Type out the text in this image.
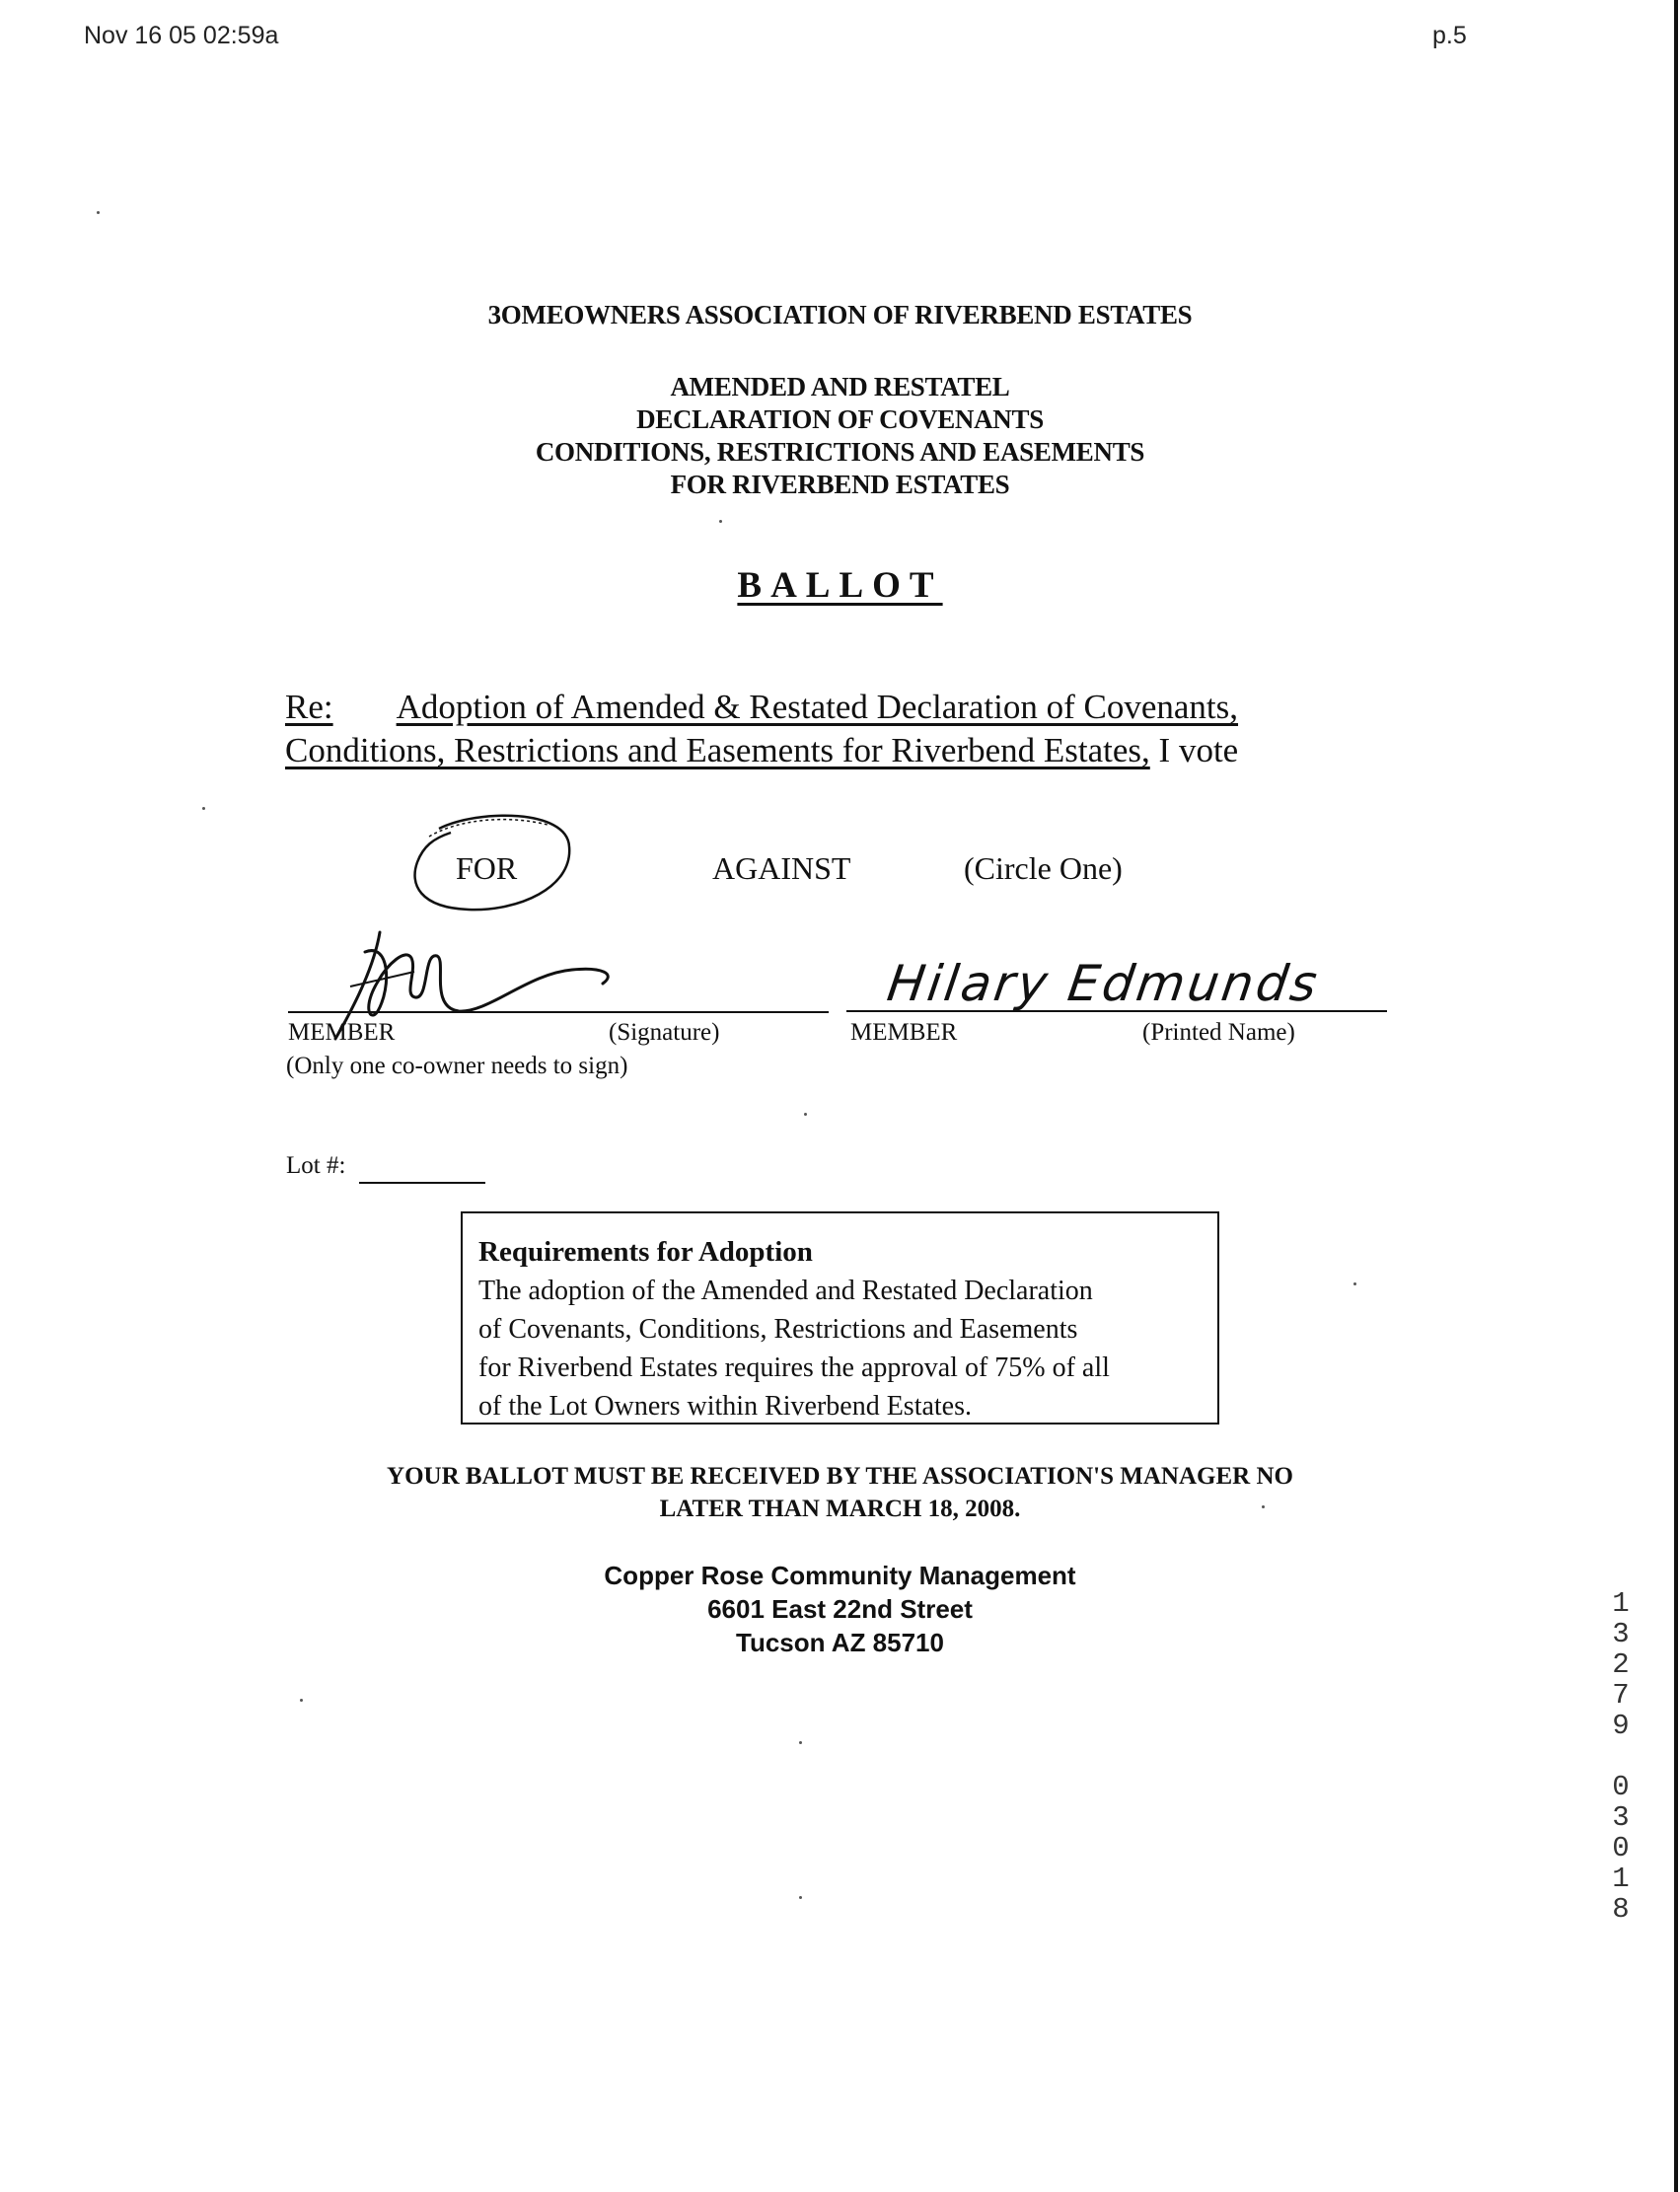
Nov 16 05 02:59a	p.5
3OMEOWNERS ASSOCIATION OF RIVERBEND ESTATES
AMENDED AND RESTATEL
DECLARATION OF COVENANTS
CONDITIONS, RESTRICTIONS AND EASEMENTS
FOR RIVERBEND ESTATES
BALLOT
Re: Adoption of Amended & Restated Declaration of Covenants,
Conditions, Restrictions and Easements for Riverbend Estates, I vote
FOR	AGAINST	(Circle One)
MEMBER	(Signature)
(Only one co-owner needs to sign)
Hilary Edmunds
MEMBER	(Printed Name)
Lot #:
Requirements for Adoption
The adoption of the Amended and Restated Declaration
of Covenants, Conditions, Restrictions and Easements
for Riverbend Estates requires the approval of 75% of all
of the Lot Owners within Riverbend Estates.
YOUR BALLOT MUST BE RECEIVED BY THE ASSOCIATION'S MANAGER NO
LATER THAN MARCH 18, 2008.
Copper Rose Community Management
6601 East 22nd Street
Tucson AZ 85710
1
3
2
7
9

0
3
0
1
8
